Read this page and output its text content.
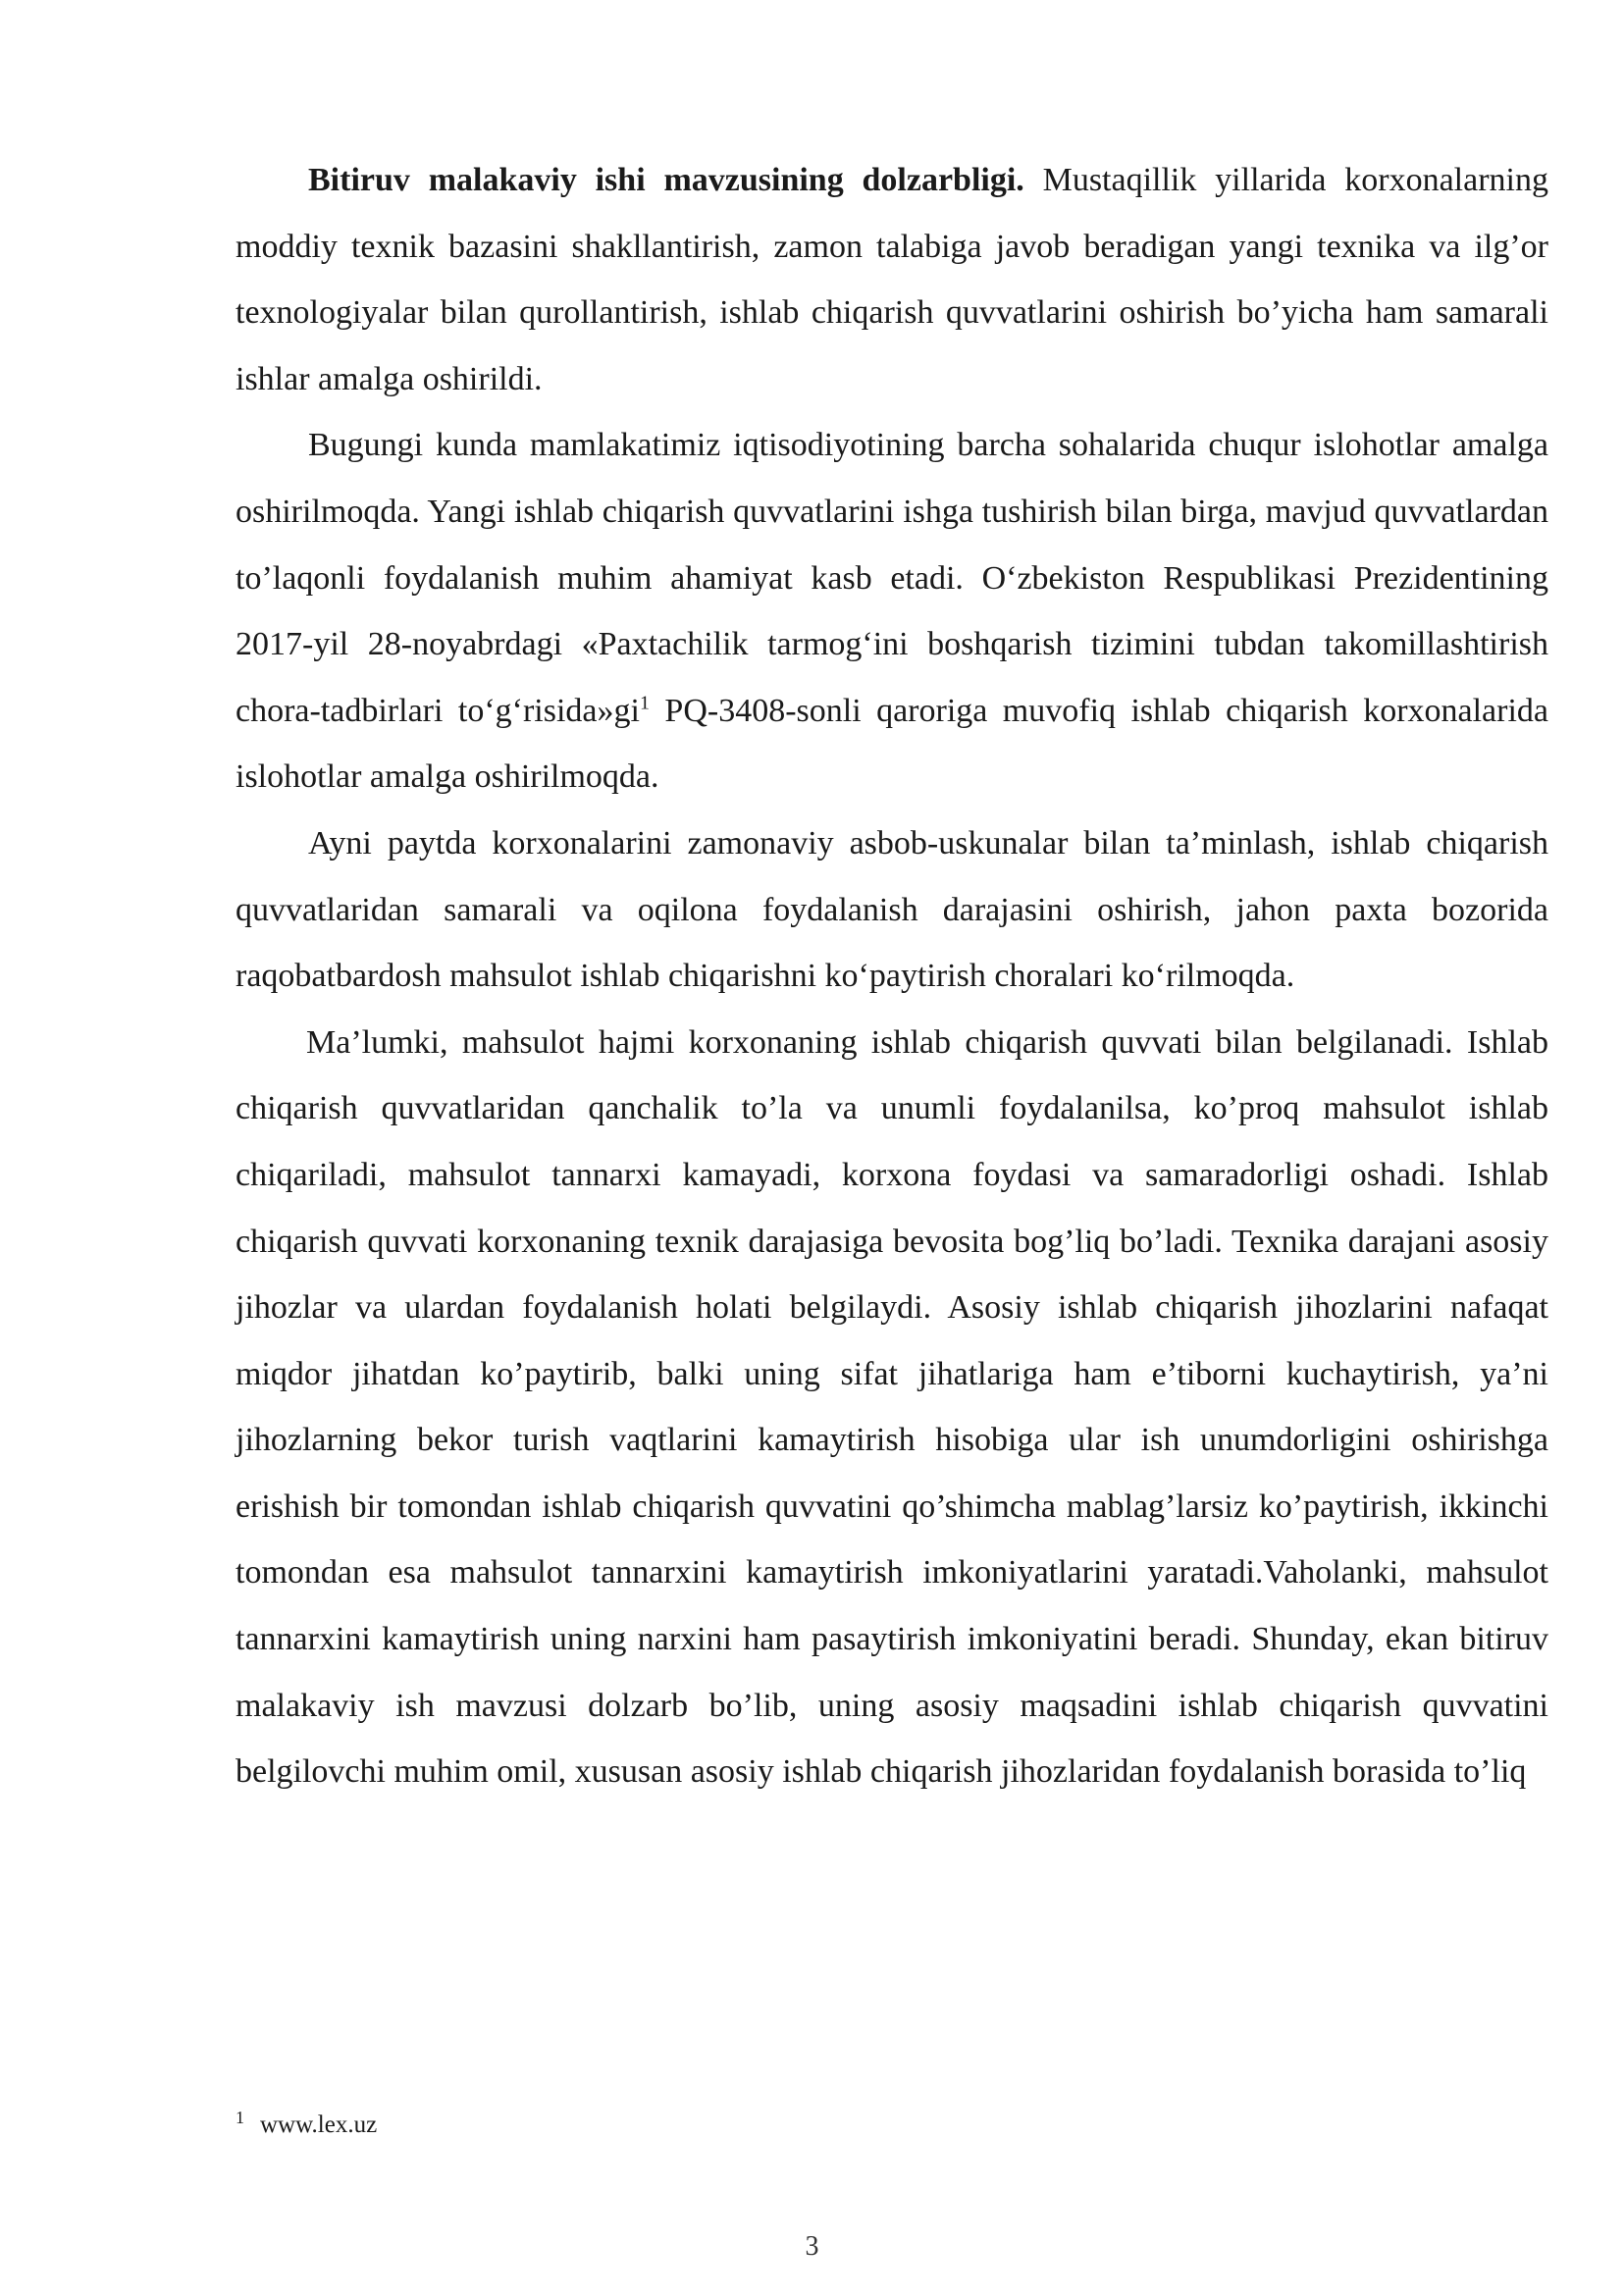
Bitiruv malakaviy ishi mavzusining dolzarbligi. Mustaqillik yillarida korxonalarning moddiy texnik bazasini shakllantirish, zamon talabiga javob beradigan yangi texnika va ilg’or texnologiyalar bilan qurollantirish, ishlab chiqarish quvvatlarini oshirish bo’yicha ham samarali ishlar amalga oshirildi.

Bugungi kunda mamlakatimiz iqtisodiyotining barcha sohalarida chuqur islohotlar amalga oshirilmoqda. Yangi ishlab chiqarish quvvatlarini ishga tushirish bilan birga, mavjud quvvatlardan to’laqonli foydalanish muhim ahamiyat kasb etadi. O‘zbekiston Respublikasi Prezidentining 2017-yil 28-noyabrdagi «Paxtachilik tarmog‘ini boshqarish tizimini tubdan takomillashtirish chora-tadbirlari to‘g‘risida»gi$^1$ PQ-3408-sonli qaroriga muvofiq ishlab chiqarish korxonalarida islohotlar amalga oshirilmoqda.

Ayni paytda korxonalarini zamonaviy asbob-uskunalar bilan ta’minlash, ishlab chiqarish quvvatlaridan samarali va oqilona foydalanish darajasini oshirish, jahon paxta bozorida raqobatbardosh mahsulot ishlab chiqarishni ko‘paytirish choralari ko‘rilmoqda.

Ma’lumki, mahsulot hajmi korxonaning ishlab chiqarish quvvati bilan belgilanadi. Ishlab chiqarish quvvatlaridan qanchalik to’la va unumli foydalanilsa, ko’proq mahsulot ishlab chiqariladi, mahsulot tannarxi kamayadi, korxona foydasi va samaradorligi oshadi. Ishlab chiqarish quvvati korxonaning texnik darajasiga bevosita bog’liq bo’ladi. Texnika darajani asosiy jihozlar va ulardan foydalanish holati belgilaydi. Asosiy ishlab chiqarish jihozlarini nafaqat miqdor jihatdan ko’paytirib, balki uning sifat jihatlariga ham e’tiborni kuchaytirish, ya’ni jihozlarning bekor turish vaqtlarini kamaytirish hisobiga ular ish unumdorligini oshirishga erishish bir tomondan ishlab chiqarish quvvatini qo’shimcha mablag’larsiz ko’paytirish, ikkinchi tomondan esa mahsulot tannarxini kamaytirish imkoniyatlarini yaratadi.Vaholanki, mahsulot tannarxini kamaytirish uning narxini ham pasaytirish imkoniyatini beradi. Shunday, ekan bitiruv malakaviy ish mavzusi dolzarb bo’lib, uning asosiy maqsadini ishlab chiqarish quvvatini belgilovchi muhim omil, xususan asosiy ishlab chiqarish jihozlaridan foydalanish borasida to’liq

$^1$ www.lex.uz
3
